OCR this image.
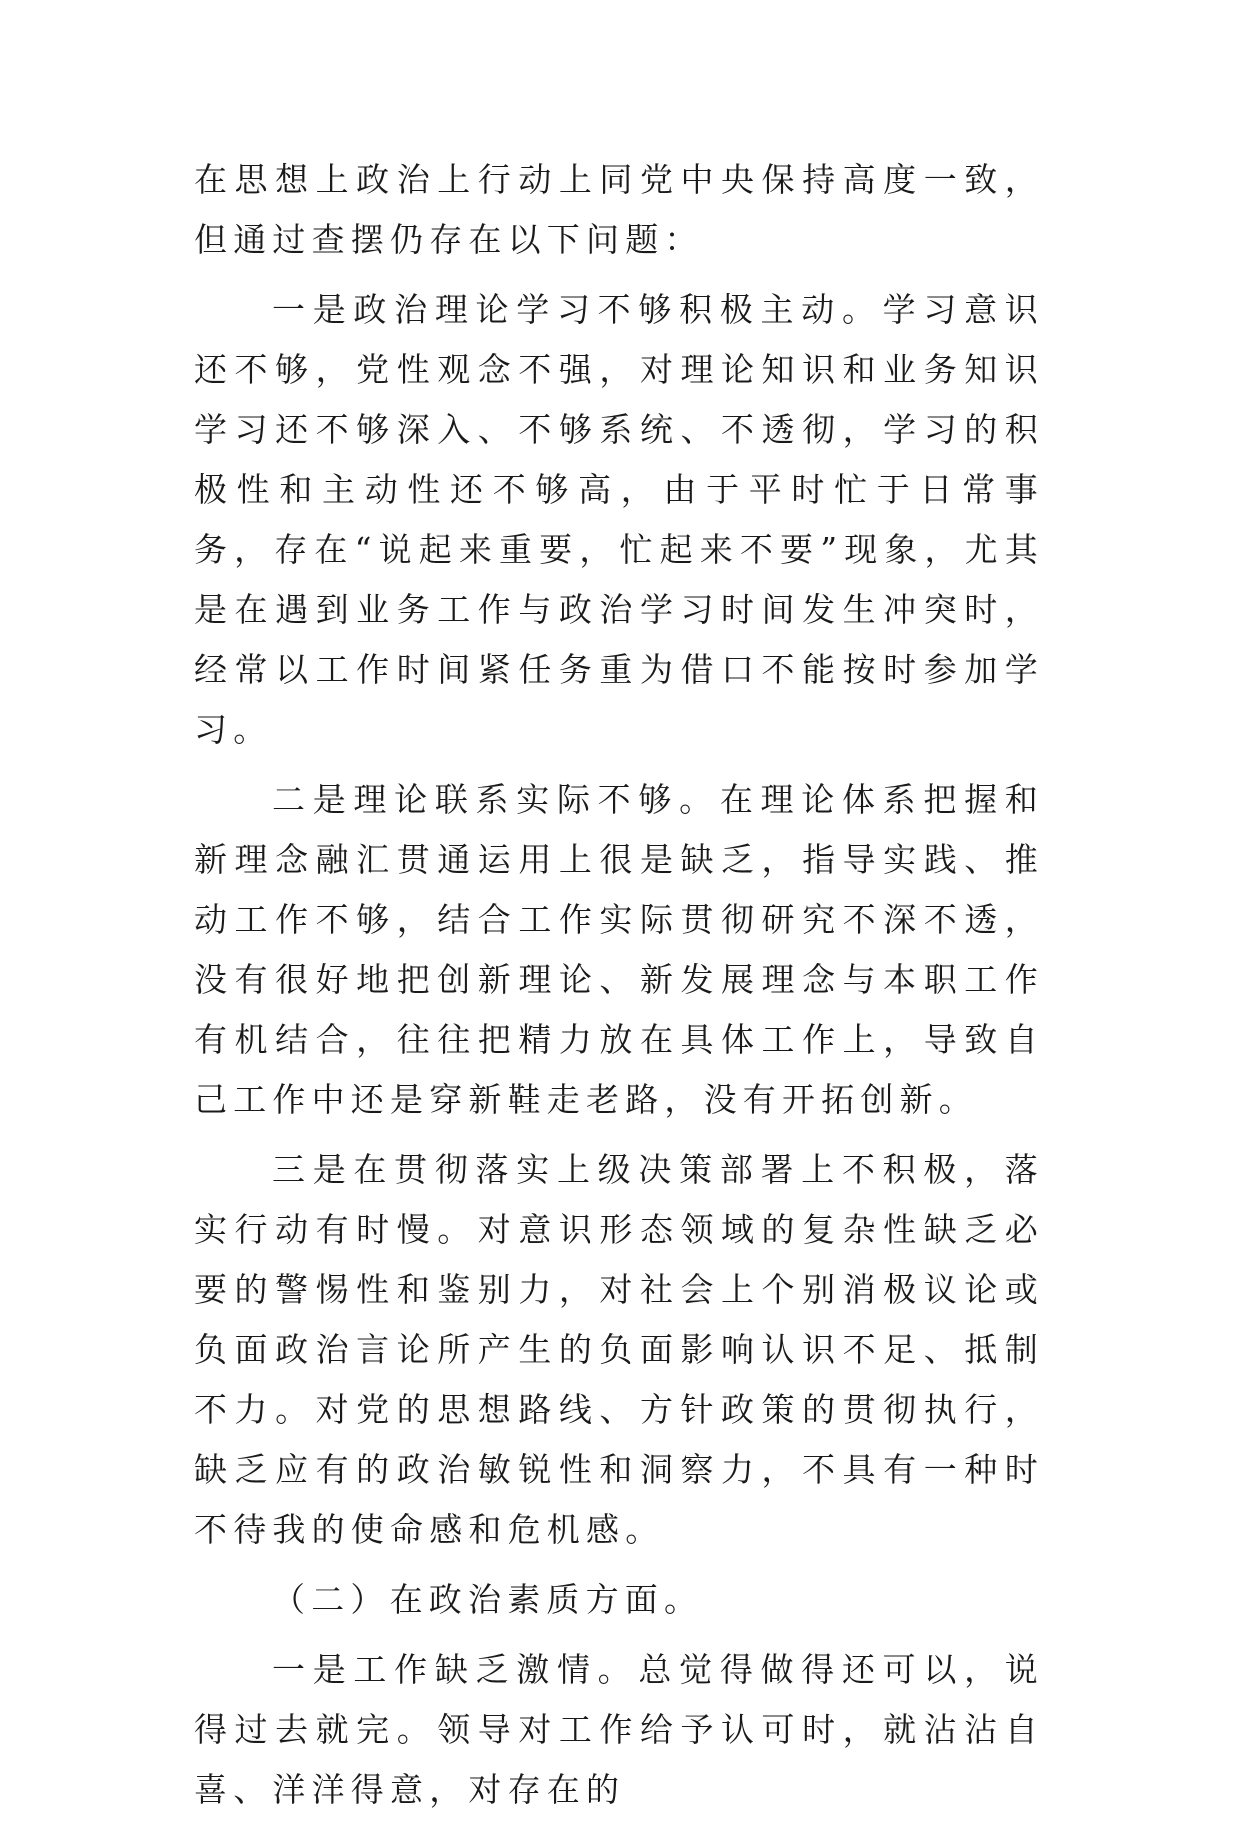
在思想上政治上行动上同党中央保持高度一致，但通过查摆仍存在以下问题：

一是政治理论学习不够积极主动。学习意识还不够，党性观念不强，对理论知识和业务知识学习还不够深入、不够系统、不透彻，学习的积极性和主动性还不够高，由于平时忙于日常事务，存在“说起来重要，忙起来不要”现象，尤其是在遇到业务工作与政治学习时间发生冲突时，经常以工作时间紧任务重为借口不能按时参加学习。

二是理论联系实际不够。在理论体系把握和新理念融汇贯通运用上很是缺乏，指导实践、推动工作不够，结合工作实际贯彻研究不深不透，没有很好地把创新理论、新发展理念与本职工作有机结合，往往把精力放在具体工作上，导致自己工作中还是穿新鞋走老路，没有开拓创新。

三是在贯彻落实上级决策部署上不积极，落实行动有时慢。对意识形态领域的复杂性缺乏必要的警惕性和鉴别力，对社会上个别消极议论或负面政治言论所产生的负面影响认识不足、抵制不力。对党的思想路线、方针政策的贯彻执行，缺乏应有的政治敏锐性和洞察力，不具有一种时不待我的使命感和危机感。

（二）在政治素质方面。

一是工作缺乏激情。总觉得做得还可以，说得过去就完。领导对工作给予认可时，就沾沾自喜、洋洋得意，对存在的
